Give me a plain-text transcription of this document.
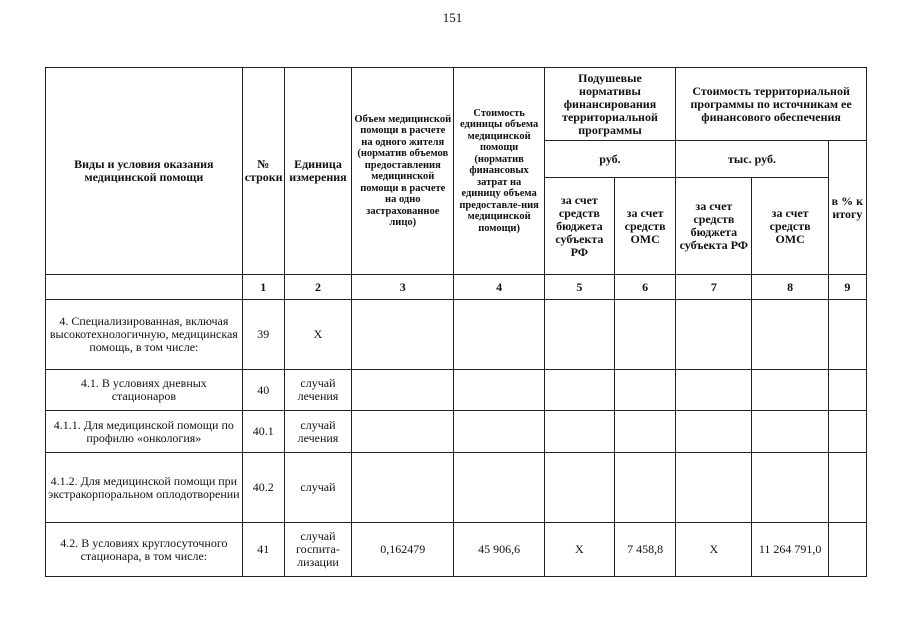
151
Виды и условия оказания медицинской помощи	№ строки	Единица измерения	Объем медицинской помощи в расчете на одного жителя (норматив объемов предоставления медицинской помощи в расчете на одно застрахованное лицо)	Стоимость единицы объема медицинской помощи (норматив финансовых затрат на единицу объема предоставле-ния медицинской помощи)	Подушевые нормативы финансирования территориальной программы		Стоимость территориальной программы по источникам ее финансового обеспечения		
					руб.		тыс. руб.		в % к итогу
					за счет средств бюджета субъекта РФ	за счет средств ОМС	за счет средств бюджета субъекта РФ	за счет средств ОМС	
	1	2	3	4	5	6	7	8	9
4. Специализированная, включая высокотехнологичную, медицинская помощь, в том числе:	39	Х							
4.1. В условиях дневных стационаров	40	случай лечения							
4.1.1. Для медицинской помощи по профилю «онкология»	40.1	случай лечения							
4.1.2. Для медицинской помощи при экстракорпоральном оплодотворении	40.2	случай							
4.2. В условиях круглосуточного стационара, в том числе:	41	случай госпита-лизации	0,162479	45 906,6	Х	7 458,8	Х	11 264 791,0	
